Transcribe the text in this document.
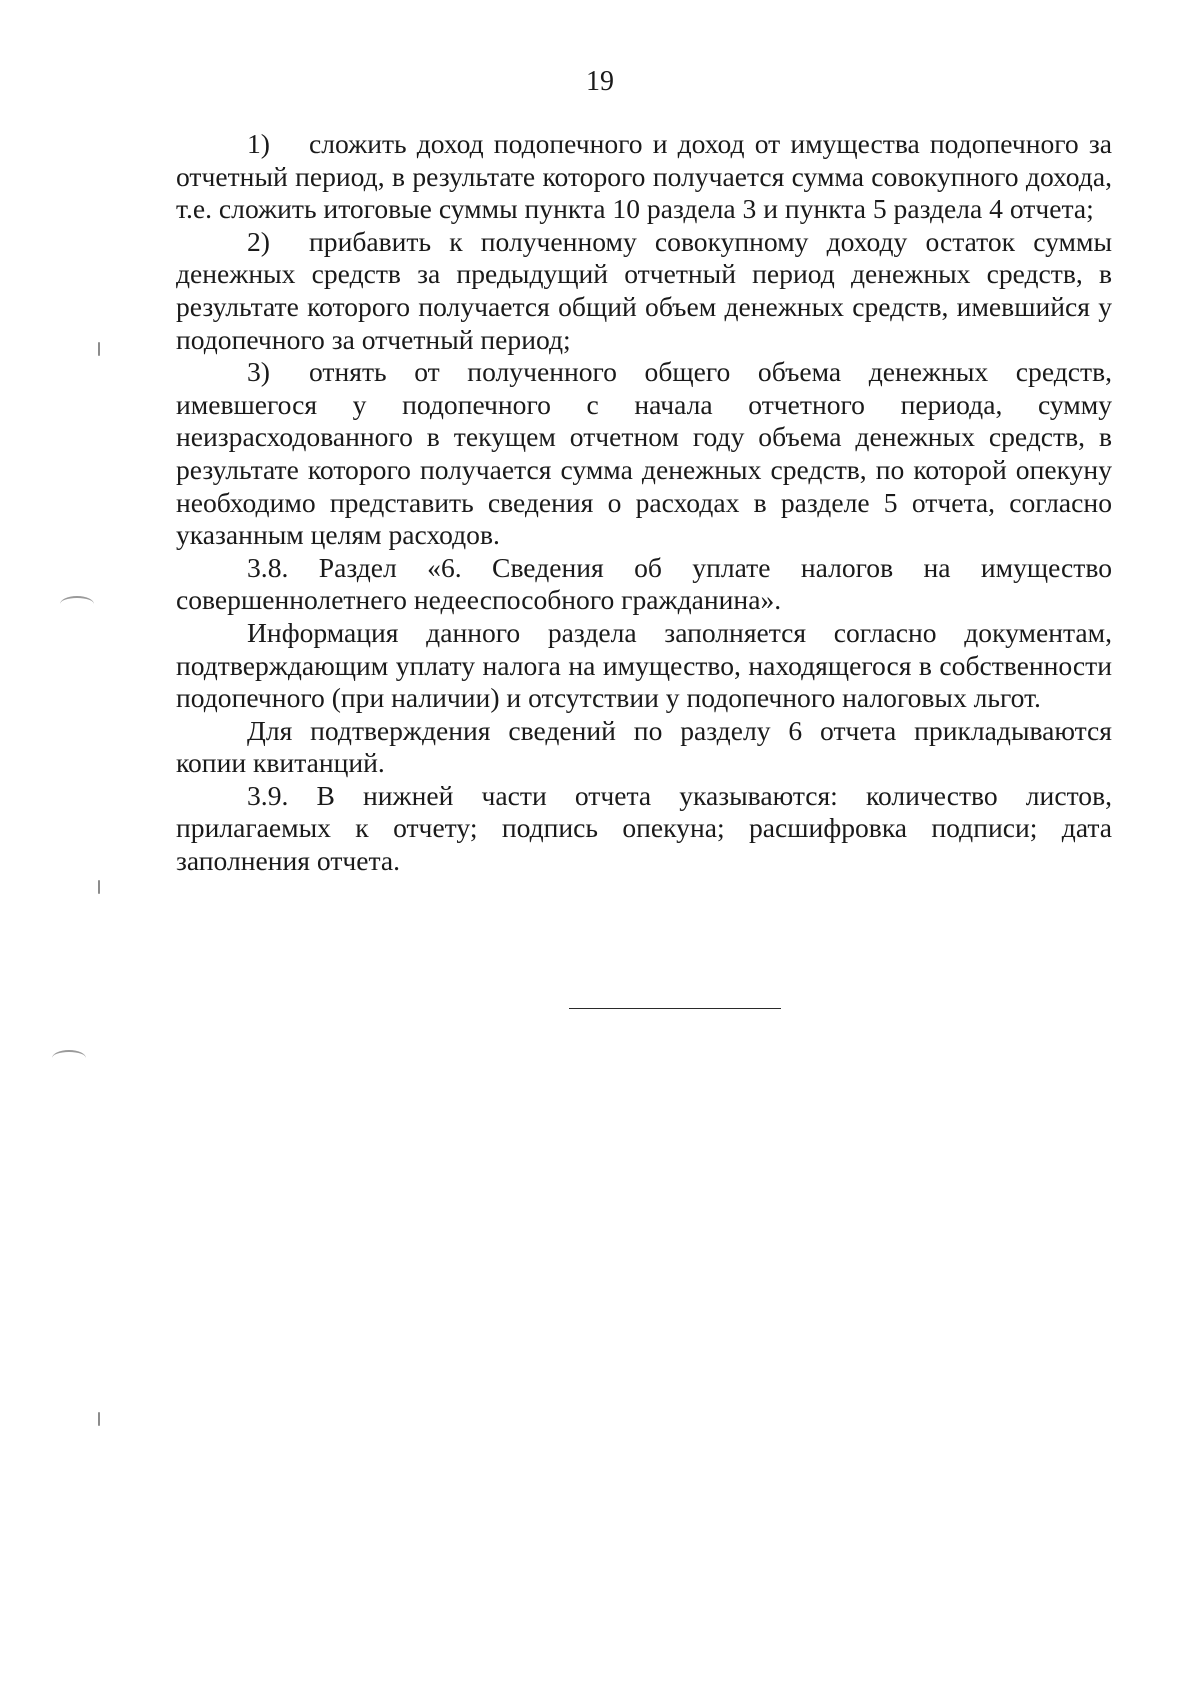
19

1) сложить доход подопечного и доход от имущества подопечного за отчетный период, в результате которого получается сумма совокупного дохода, т.е. сложить итоговые суммы пункта 10 раздела 3 и пункта 5 раздела 4 отчета;

2) прибавить к полученному совокупному доходу остаток суммы денежных средств за предыдущий отчетный период денежных средств, в результате которого получается общий объем денежных средств, имевшийся у подопечного за отчетный период;

3) отнять от полученного общего объема денежных средств, имевшегося у подопечного с начала отчетного периода, сумму неизрасходованного в текущем отчетном году объема денежных средств, в результате которого получается сумма денежных средств, по которой опекуну необходимо представить сведения о расходах в разделе 5 отчета, согласно указанным целям расходов.

3.8. Раздел «6. Сведения об уплате налогов на имущество совершеннолетнего недееспособного гражданина».

Информация данного раздела заполняется согласно документам, подтверждающим уплату налога на имущество, находящегося в собственности подопечного (при наличии) и отсутствии у подопечного налоговых льгот.

Для подтверждения сведений по разделу 6 отчета прикладываются копии квитанций.

3.9. В нижней части отчета указываются: количество листов, прилагаемых к отчету; подпись опекуна; расшифровка подписи; дата заполнения отчета.
